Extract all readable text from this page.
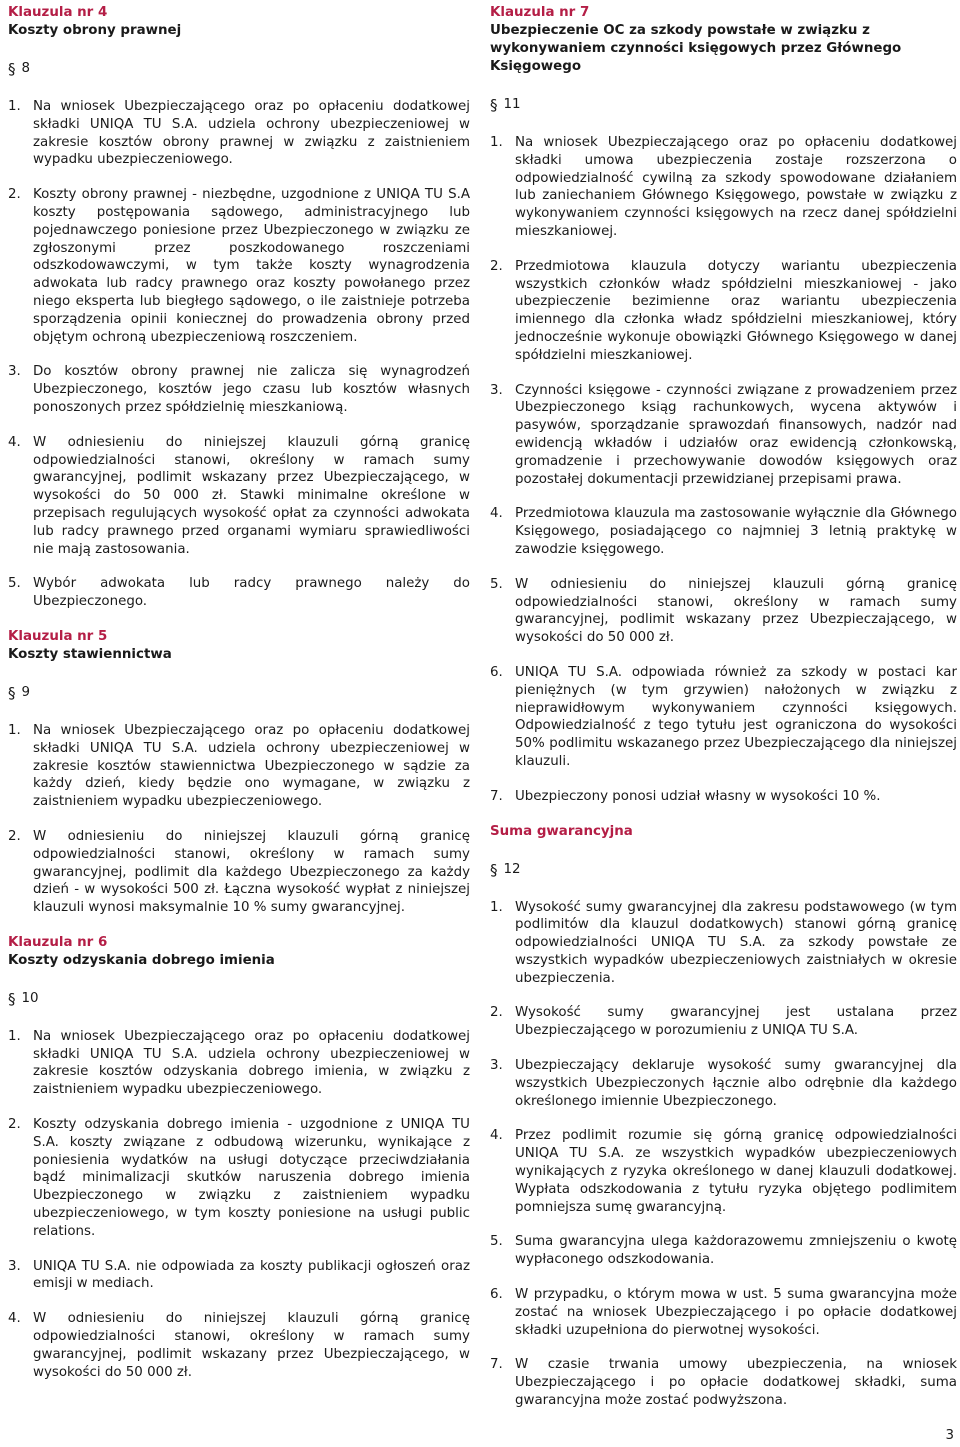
Klauzula nr 4

Koszty obrony prawnej

§ 8
1. Na wniosek Ubezpieczającego oraz po opłaceniu dodatkowej składki UNIQA TU S.A. udziela ochrony ubezpieczeniowej w zakresie kosztów obrony prawnej w związku z zaistnieniem wypadku ubezpieczeniowego.
2. Koszty obrony prawnej - niezbędne, uzgodnione z UNIQA TU S.A koszty postępowania sądowego, administracyjnego lub pojednawczego poniesione przez Ubezpieczonego w związku ze zgłoszonymi przez poszkodowanego roszczeniami odszkodowawczymi, w tym także koszty wynagrodzenia adwokata lub radcy prawnego oraz koszty powołanego przez niego eksperta lub biegłego sądowego, o ile zaistnieje potrzeba sporządzenia opinii koniecznej do prowadzenia obrony przed objętym ochroną ubezpieczeniową roszczeniem.
3. Do kosztów obrony prawnej nie zalicza się wynagrodzeń Ubezpieczonego, kosztów jego czasu lub kosztów własnych ponoszonych przez spółdzielnię mieszkaniową.
4. W odniesieniu do niniejszej klauzuli górną granicę odpowiedzialności stanowi, określony w ramach sumy gwarancyjnej, podlimit wskazany przez Ubezpieczającego, w wysokości do 50 000 zł. Stawki minimalne określone w przepisach regulujących wysokość opłat za czynności adwokata lub radcy prawnego przed organami wymiaru sprawiedliwości nie mają zastosowania.
5. Wybór adwokata lub radcy prawnego należy do Ubezpieczonego.

Klauzula nr 5

Koszty stawiennictwa

§ 9
1. Na wniosek Ubezpieczającego oraz po opłaceniu dodatkowej składki UNIQA TU S.A. udziela ochrony ubezpieczeniowej w zakresie kosztów stawiennictwa Ubezpieczonego w sądzie za każdy dzień, kiedy będzie ono wymagane, w związku z zaistnieniem wypadku ubezpieczeniowego.
2. W odniesieniu do niniejszej klauzuli górną granicę odpowiedzialności stanowi, określony w ramach sumy gwarancyjnej, podlimit dla każdego Ubezpieczonego za każdy dzień - w wysokości 500 zł. Łączna wysokość wypłat z niniejszej klauzuli wynosi maksymalnie 10 % sumy gwarancyjnej.

Klauzula nr 6

Koszty odzyskania dobrego imienia

§ 10
1. Na wniosek Ubezpieczającego oraz po opłaceniu dodatkowej składki UNIQA TU S.A. udziela ochrony ubezpieczeniowej w zakresie kosztów odzyskania dobrego imienia, w związku z zaistnieniem wypadku ubezpieczeniowego.
2. Koszty odzyskania dobrego imienia - uzgodnione z UNIQA TU S.A. koszty związane z odbudową wizerunku, wynikające z poniesienia wydatków na usługi dotyczące przeciwdziałania bądź minimalizacji skutków naruszenia dobrego imienia Ubezpieczonego w związku z zaistnieniem wypadku ubezpieczeniowego, w tym koszty poniesione na usługi public relations.
3. UNIQA TU S.A. nie odpowiada za koszty publikacji ogłoszeń oraz emisji w mediach.
4. W odniesieniu do niniejszej klauzuli górną granicę odpowiedzialności stanowi, określony w ramach sumy gwarancyjnej, podlimit wskazany przez Ubezpieczającego, w wysokości do 50 000 zł.

Klauzula nr 7

Ubezpieczenie OC za szkody powstałe w związku z wykonywaniem czynności księgowych przez Głównego Księgowego

§ 11
1. Na wniosek Ubezpieczającego oraz po opłaceniu dodatkowej składki umowa ubezpieczenia zostaje rozszerzona o odpowiedzialność cywilną za szkody spowodowane działaniem lub zaniechaniem Głównego Księgowego, powstałe w związku z wykonywaniem czynności księgowych na rzecz danej spółdzielni mieszkaniowej.
2. Przedmiotowa klauzula dotyczy wariantu ubezpieczenia wszystkich członków władz spółdzielni mieszkaniowej - jako ubezpieczenie bezimienne oraz wariantu ubezpieczenia imiennego dla członka władz spółdzielni mieszkaniowej, który jednocześnie wykonuje obowiązki Głównego Księgowego w danej spółdzielni mieszkaniowej.
3. Czynności księgowe - czynności związane z prowadzeniem przez Ubezpieczonego ksiąg rachunkowych, wycena aktywów i pasywów, sporządzanie sprawozdań finansowych, nadzór nad ewidencją wkładów i udziałów oraz ewidencją członkowską, gromadzenie i przechowywanie dowodów księgowych oraz pozostałej dokumentacji przewidzianej przepisami prawa.
4. Przedmiotowa klauzula ma zastosowanie wyłącznie dla Głównego Księgowego, posiadającego co najmniej 3 letnią praktykę w zawodzie księgowego.
5. W odniesieniu do niniejszej klauzuli górną granicę odpowiedzialności stanowi, określony w ramach sumy gwarancyjnej, podlimit wskazany przez Ubezpieczającego, w wysokości do 50 000 zł.
6. UNIQA TU S.A. odpowiada również za szkody w postaci kar pieniężnych (w tym grzywien) nałożonych w związku z nieprawidłowym wykonywaniem czynności księgowych. Odpowiedzialność z tego tytułu jest ograniczona do wysokości 50% podlimitu wskazanego przez Ubezpieczającego dla niniejszej klauzuli.
7. Ubezpieczony ponosi udział własny w wysokości 10 %.

Suma gwarancyjna

§ 12
1. Wysokość sumy gwarancyjnej dla zakresu podstawowego (w tym podlimitów dla klauzul dodatkowych) stanowi górną granicę odpowiedzialności UNIQA TU S.A. za szkody powstałe ze wszystkich wypadków ubezpieczeniowych zaistniałych w okresie ubezpieczenia.
2. Wysokość sumy gwarancyjnej jest ustalana przez Ubezpieczającego w porozumieniu z UNIQA TU S.A.
3. Ubezpieczający deklaruje wysokość sumy gwarancyjnej dla wszystkich Ubezpieczonych łącznie albo odrębnie dla każdego określonego imiennie Ubezpieczonego.
4. Przez podlimit rozumie się górną granicę odpowiedzialności UNIQA TU S.A. ze wszystkich wypadków ubezpieczeniowych wynikających z ryzyka określonego w danej klauzuli dodatkowej. Wypłata odszkodowania z tytułu ryzyka objętego podlimitem pomniejsza sumę gwarancyjną.
5. Suma gwarancyjna ulega każdorazowemu zmniejszeniu o kwotę wypłaconego odszkodowania.
6. W przypadku, o którym mowa w ust. 5 suma gwarancyjna może zostać na wniosek Ubezpieczającego i po opłacie dodatkowej składki uzupełniona do pierwotnej wysokości.
7. W czasie trwania umowy ubezpieczenia, na wniosek Ubezpieczającego i po opłacie dodatkowej składki, suma gwarancyjna może zostać podwyższona.
3
